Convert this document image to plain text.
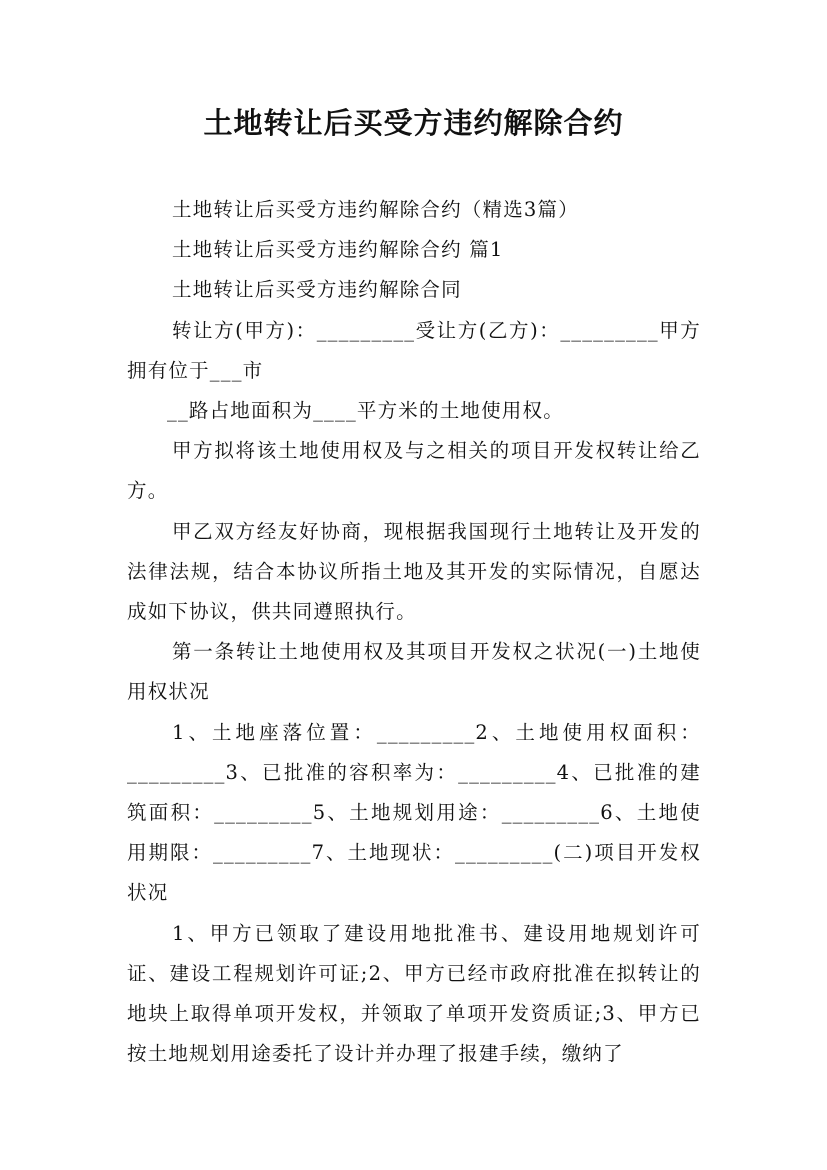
土地转让后买受方违约解除合约

土地转让后买受方违约解除合约（精选3篇）

土地转让后买受方违约解除合约 篇1

土地转让后买受方违约解除合同

转让方(甲方)：_________受让方(乙方)：_________甲方拥有位于___市

__路占地面积为____平方米的土地使用权。

甲方拟将该土地使用权及与之相关的项目开发权转让给乙方。

甲乙双方经友好协商，现根据我国现行土地转让及开发的法律法规，结合本协议所指土地及其开发的实际情况，自愿达成如下协议，供共同遵照执行。

第一条转让土地使用权及其项目开发权之状况(一)土地使用权状况

1、土地座落位置：_________2、土地使用权面积：_________3、已批准的容积率为：_________4、已批准的建筑面积：_________5、土地规划用途：_________6、土地使用期限：_________7、土地现状：_________(二)项目开发权状况

1、甲方已领取了建设用地批准书、建设用地规划许可证、建设工程规划许可证;2、甲方已经市政府批准在拟转让的地块上取得单项开发权，并领取了单项开发资质证;3、甲方已按土地规划用途委托了设计并办理了报建手续，缴纳了
